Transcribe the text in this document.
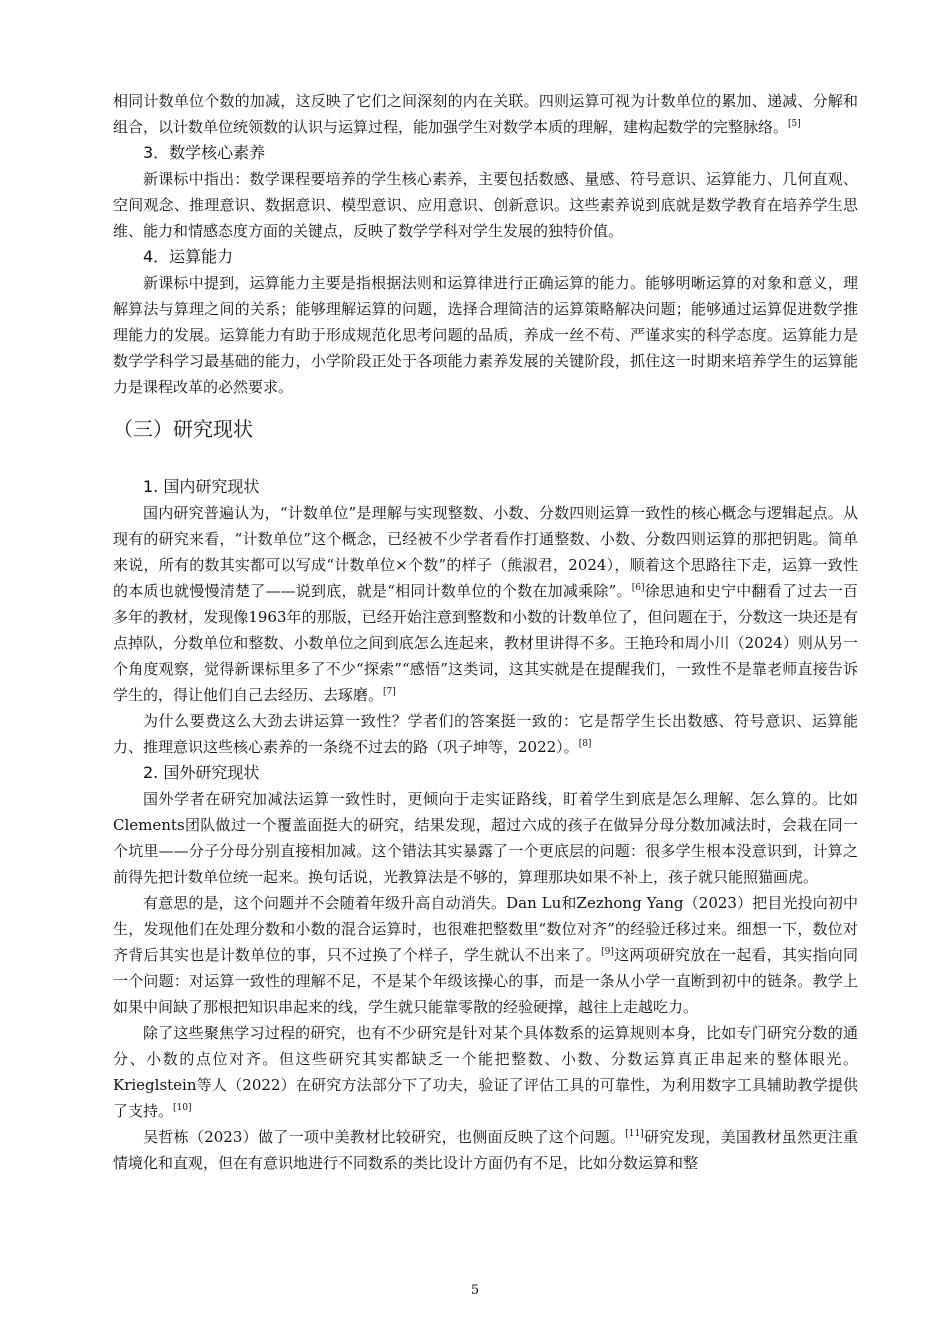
相同计数单位个数的加减，这反映了它们之间深刻的内在关联。四则运算可视为计数单位的累加、递减、分解和组合，以计数单位统领数的认识与运算过程，能加强学生对数学本质的理解，建构起数学的完整脉络。[5]

3．数学核心素养

新课标中指出：数学课程要培养的学生核心素养，主要包括数感、量感、符号意识、运算能力、几何直观、空间观念、推理意识、数据意识、模型意识、应用意识、创新意识。这些素养说到底就是数学教育在培养学生思维、能力和情感态度方面的关键点，反映了数学学科对学生发展的独特价值。

4．运算能力

新课标中提到，运算能力主要是指根据法则和运算律进行正确运算的能力。能够明晰运算的对象和意义，理解算法与算理之间的关系；能够理解运算的问题，选择合理简洁的运算策略解决问题；能够通过运算促进数学推理能力的发展。运算能力有助于形成规范化思考问题的品质，养成一丝不苟、严谨求实的科学态度。运算能力是数学学科学习最基础的能力，小学阶段正处于各项能力素养发展的关键阶段，抓住这一时期来培养学生的运算能力是课程改革的必然要求。

（三）研究现状
1. 国内研究现状

国内研究普遍认为，“计数单位”是理解与实现整数、小数、分数四则运算一致性的核心概念与逻辑起点。从现有的研究来看，“计数单位”这个概念，已经被不少学者看作打通整数、小数、分数四则运算的那把钥匙。简单来说，所有的数其实都可以写成“计数单位×个数”的样子（熊淑君，2024），顺着这个思路往下走，运算一致性的本质也就慢慢清楚了——说到底，就是“相同计数单位的个数在加减乘除”。[6]徐思迪和史宁中翻看了过去一百多年的教材，发现像1963年的那版，已经开始注意到整数和小数的计数单位了，但问题在于，分数这一块还是有点掉队，分数单位和整数、小数单位之间到底怎么连起来，教材里讲得不多。王艳玲和周小川（2024）则从另一个角度观察，觉得新课标里多了不少“探索”“感悟”这类词，这其实就是在提醒我们，一致性不是靠老师直接告诉学生的，得让他们自己去经历、去琢磨。[7]

为什么要费这么大劲去讲运算一致性？学者们的答案挺一致的：它是帮学生长出数感、符号意识、运算能力、推理意识这些核心素养的一条绕不过去的路（巩子坤等，2022）。[8]

2. 国外研究现状

国外学者在研究加减法运算一致性时，更倾向于走实证路线，盯着学生到底是怎么理解、怎么算的。比如Clements团队做过一个覆盖面挺大的研究，结果发现，超过六成的孩子在做异分母分数加减法时，会栽在同一个坑里——分子分母分别直接相加减。这个错法其实暴露了一个更底层的问题：很多学生根本没意识到，计算之前得先把计数单位统一起来。换句话说，光教算法是不够的，算理那块如果不补上，孩子就只能照猫画虎。

有意思的是，这个问题并不会随着年级升高自动消失。Dan Lu和Zezhong Yang（2023）把目光投向初中生，发现他们在处理分数和小数的混合运算时，也很难把整数里“数位对齐”的经验迁移过来。细想一下，数位对齐背后其实也是计数单位的事，只不过换了个样子，学生就认不出来了。[9]这两项研究放在一起看，其实指向同一个问题：对运算一致性的理解不足，不是某个年级该操心的事，而是一条从小学一直断到初中的链条。教学上如果中间缺了那根把知识串起来的线，学生就只能靠零散的经验硬撑，越往上走越吃力。

除了这些聚焦学习过程的研究，也有不少研究是针对某个具体数系的运算规则本身，比如专门研究分数的通分、小数的点位对齐。但这些研究其实都缺乏一个能把整数、小数、分数运算真正串起来的整体眼光。Krieglstein等人（2022）在研究方法部分下了功夫，验证了评估工具的可靠性，为利用数字工具辅助教学提供了支持。[10]

吴哲栋（2023）做了一项中美教材比较研究，也侧面反映了这个问题。[11]研究发现，美国教材虽然更注重情境化和直观，但在有意识地进行不同数系的类比设计方面仍有不足，比如分数运算和整

5
